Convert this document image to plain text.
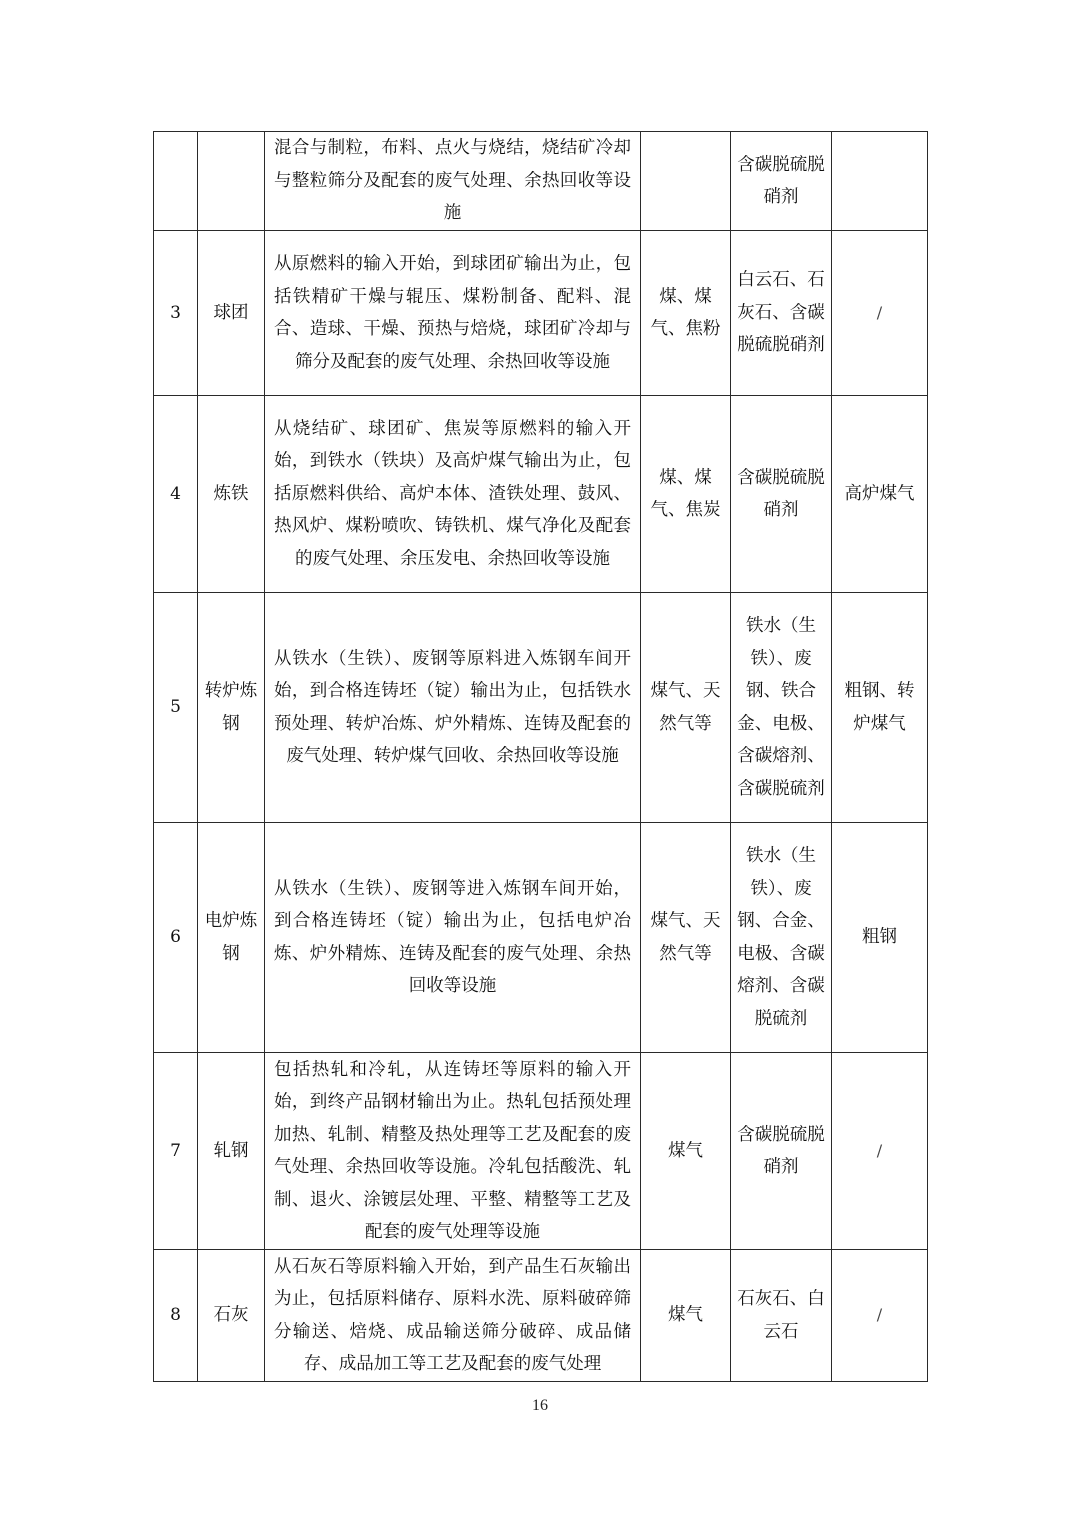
		混合与制粒，布料、点火与烧结，烧结矿冷却与整粒筛分及配套的废气处理、余热回收等设施		含碳脱硫脱硝剂	
3	球团	从原燃料的输入开始，到球团矿输出为止，包括铁精矿干燥与辊压、煤粉制备、配料、混合、造球、干燥、预热与焙烧，球团矿冷却与筛分及配套的废气处理、余热回收等设施	煤、煤气、焦粉	白云石、石灰石、含碳脱硫脱硝剂	/
4	炼铁	从烧结矿、球团矿、焦炭等原燃料的输入开始，到铁水（铁块）及高炉煤气输出为止，包括原燃料供给、高炉本体、渣铁处理、鼓风、热风炉、煤粉喷吹、铸铁机、煤气净化及配套的废气处理、余压发电、余热回收等设施	煤、煤气、焦炭	含碳脱硫脱硝剂	高炉煤气
5	转炉炼钢	从铁水（生铁）、废钢等原料进入炼钢车间开始，到合格连铸坯（锭）输出为止，包括铁水预处理、转炉冶炼、炉外精炼、连铸及配套的废气处理、转炉煤气回收、余热回收等设施	煤气、天然气等	铁水（生铁）、废钢、铁合金、电极、含碳熔剂、含碳脱硫剂	粗钢、转炉煤气
6	电炉炼钢	从铁水（生铁）、废钢等进入炼钢车间开始，到合格连铸坯（锭）输出为止，包括电炉冶炼、炉外精炼、连铸及配套的废气处理、余热回收等设施	煤气、天然气等	铁水（生铁）、废钢、合金、电极、含碳熔剂、含碳脱硫剂	粗钢
7	轧钢	包括热轧和冷轧，从连铸坯等原料的输入开始，到终产品钢材输出为止。热轧包括预处理加热、轧制、精整及热处理等工艺及配套的废气处理、余热回收等设施。冷轧包括酸洗、轧制、退火、涂镀层处理、平整、精整等工艺及配套的废气处理等设施	煤气	含碳脱硫脱硝剂	/
8	石灰	从石灰石等原料输入开始，到产品生石灰输出为止，包括原料储存、原料水洗、原料破碎筛分输送、焙烧、成品输送筛分破碎、成品储存、成品加工等工艺及配套的废气处理	煤气	石灰石、白云石	/
16
